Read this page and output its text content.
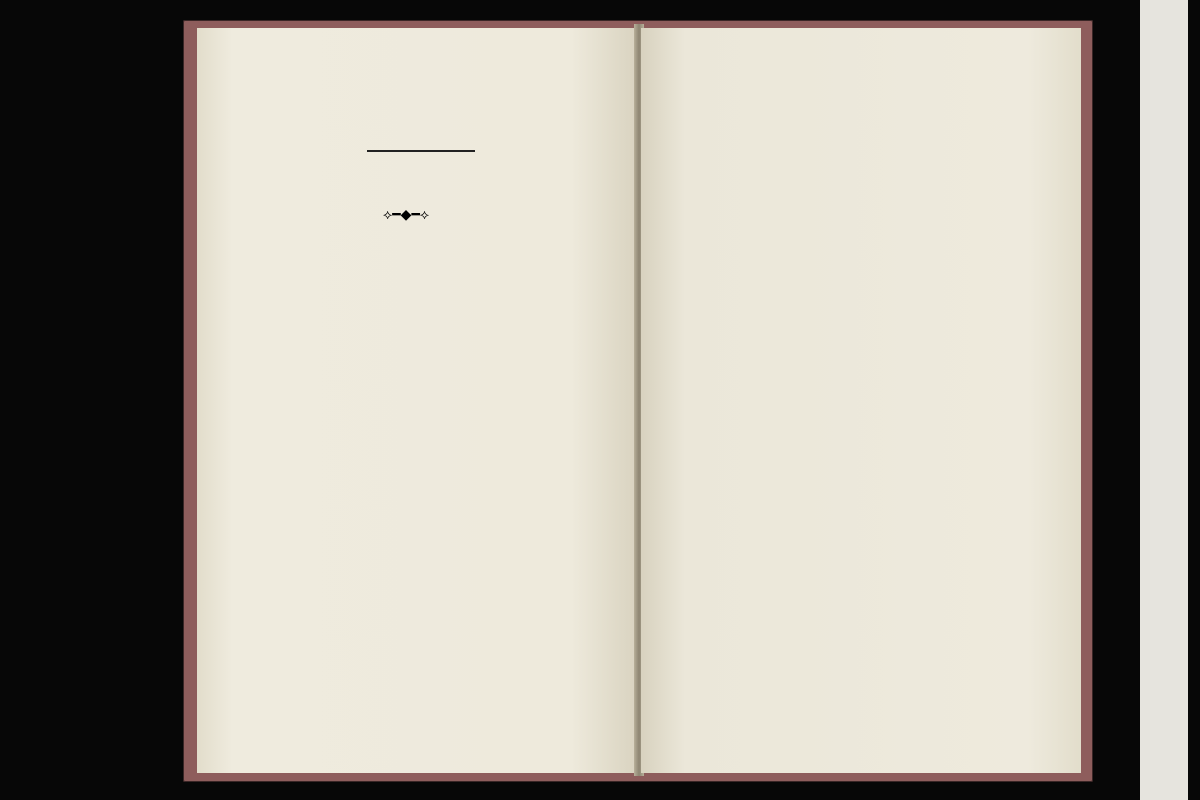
⟡━◆━⟡
